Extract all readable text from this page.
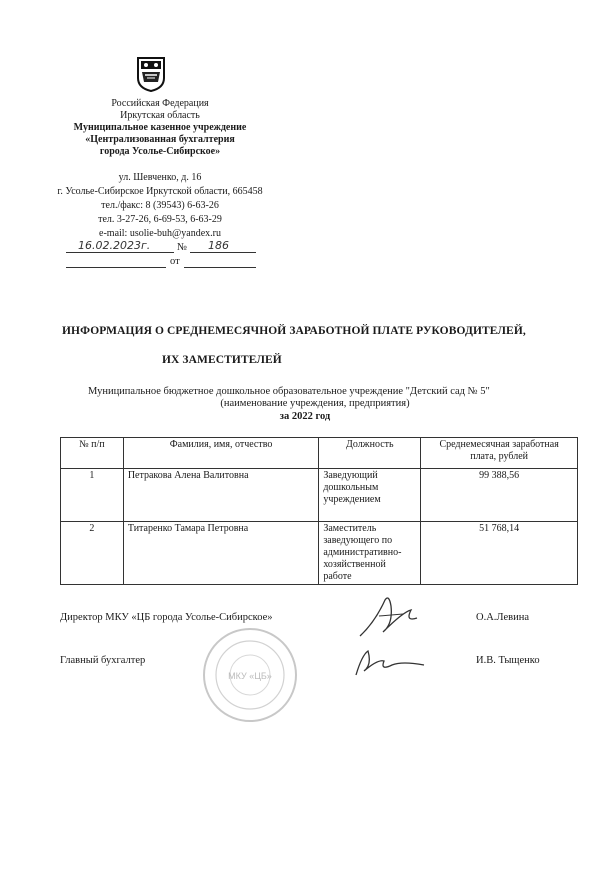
Российская Федерация
Иркутская область
Муниципальное казенное учреждение
«Централизованная бухгалтерия
города Усолье-Сибирское»
ул. Шевченко, д. 16
г. Усолье-Сибирское Иркутской области, 665458
тел./факс: 8 (39543) 6-63-26
тел. 3-27-26, 6-69-53, 6-63-29
e-mail: usolie-buh@yandex.ru
16.02.2023г.	№ 186
от
ИНФОРМАЦИЯ О СРЕДНЕМЕСЯЧНОЙ ЗАРАБОТНОЙ ПЛАТЕ РУКОВОДИТЕЛЕЙ,
ИХ ЗАМЕСТИТЕЛЕЙ
Муниципальное бюджетное дошкольное образовательное учреждение "Детский сад № 5"
(наименование учреждения, предприятия)
за 2022 год
№ п/п	Фамилия, имя, отчество	Должность	Среднемесячная заработная плата, рублей
1	Петракова Алена Валитовна	Заведующий дошкольным учреждением	99 388,56
2	Титаренко Тамара Петровна	Заместитель заведующего по административно-хозяйственной работе	51 768,14
Директор МКУ «ЦБ города Усолье-Сибирское»	О.А.Левина
Главный бухгалтер	И.В. Тыщенко
МКУ «ЦБ»
